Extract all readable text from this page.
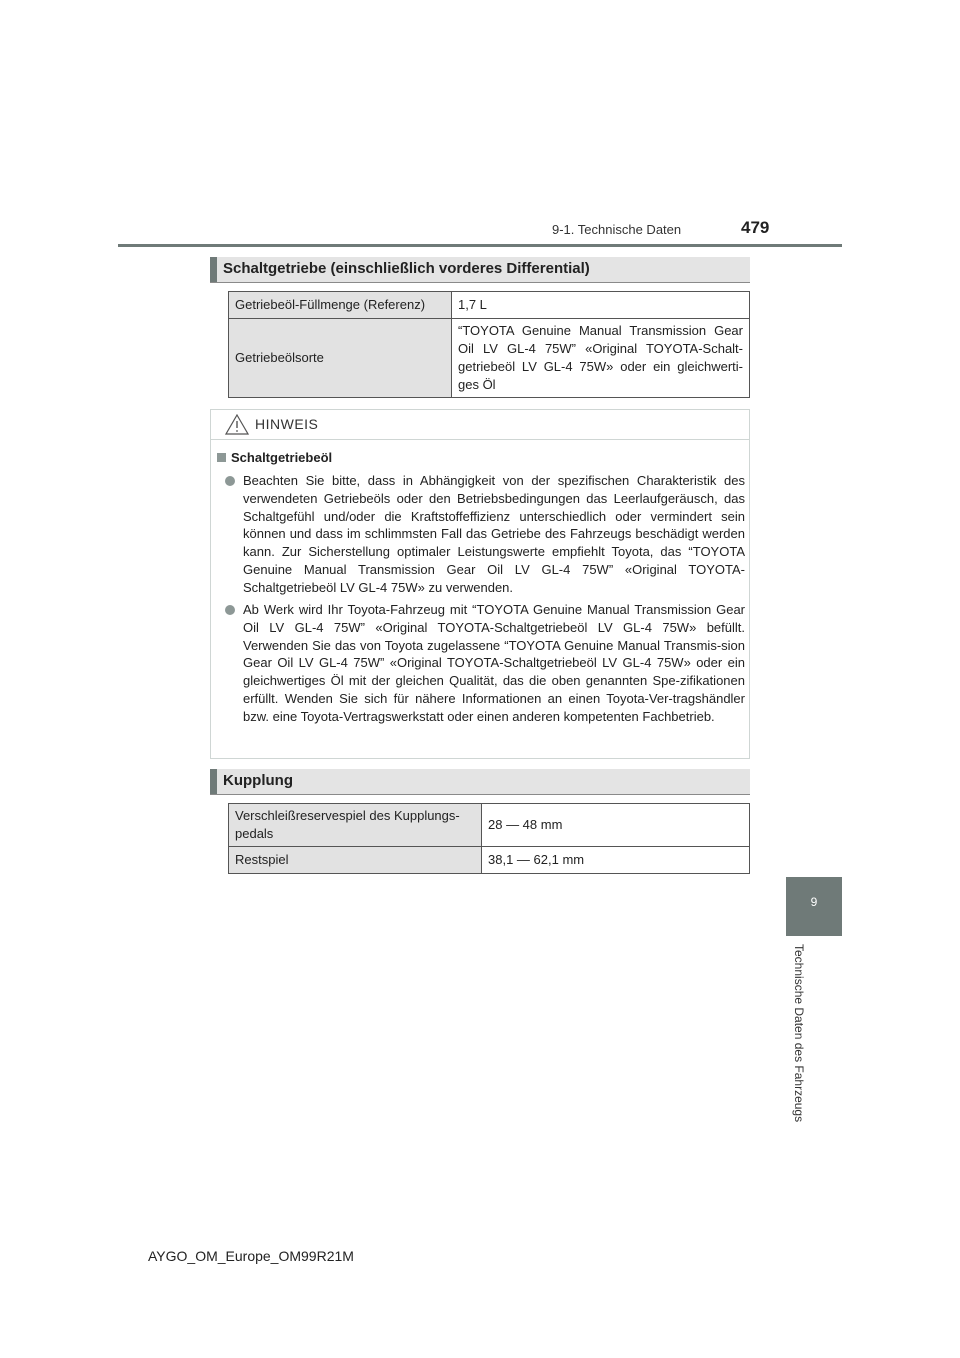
9-1. Technische Daten	479
Schaltgetriebe (einschließlich vorderes Differential)
Getriebeöl-Füllmenge (Referenz)	1,7 L
Getriebeölsorte	“TOYOTA Genuine Manual Transmission Gear Oil LV GL-4 75W” «Original TOYOTA-Schalt-getriebeöl LV GL-4 75W» oder ein gleichwerti-ges Öl
HINWEIS
Schaltgetriebeöl

Beachten Sie bitte, dass in Abhängigkeit von der spezifischen Charakteristik des verwendeten Getriebeöls oder den Betriebsbedingungen das Leerlaufgeräusch, das Schaltgefühl und/oder die Kraftstoffeffizienz unterschiedlich oder vermindert sein können und dass im schlimmsten Fall das Getriebe des Fahrzeugs beschädigt werden kann. Zur Sicherstellung optimaler Leistungswerte empfiehlt Toyota, das “TOYOTA Genuine Manual Transmission Gear Oil LV GL-4 75W” «Original TOYOTA-Schaltgetriebeöl LV GL-4 75W» zu verwenden.

Ab Werk wird Ihr Toyota-Fahrzeug mit “TOYOTA Genuine Manual Transmission Gear Oil LV GL-4 75W” «Original TOYOTA-Schaltgetriebeöl LV GL-4 75W» befüllt. Verwenden Sie das von Toyota zugelassene “TOYOTA Genuine Manual Transmis-sion Gear Oil LV GL-4 75W” «Original TOYOTA-Schaltgetriebeöl LV GL-4 75W» oder ein gleichwertiges Öl mit der gleichen Qualität, das die oben genannten Spe-zifikationen erfüllt. Wenden Sie sich für nähere Informationen an einen Toyota-Ver-tragshändler bzw. eine Toyota-Vertragswerkstatt oder einen anderen kompetenten Fachbetrieb.

Kupplung
Verschleißreservespiel des Kupplungs-pedals	28 — 48 mm
Restspiel	38,1 — 62,1 mm
9
Technische Daten des Fahrzeugs
AYGO_OM_Europe_OM99R21M
